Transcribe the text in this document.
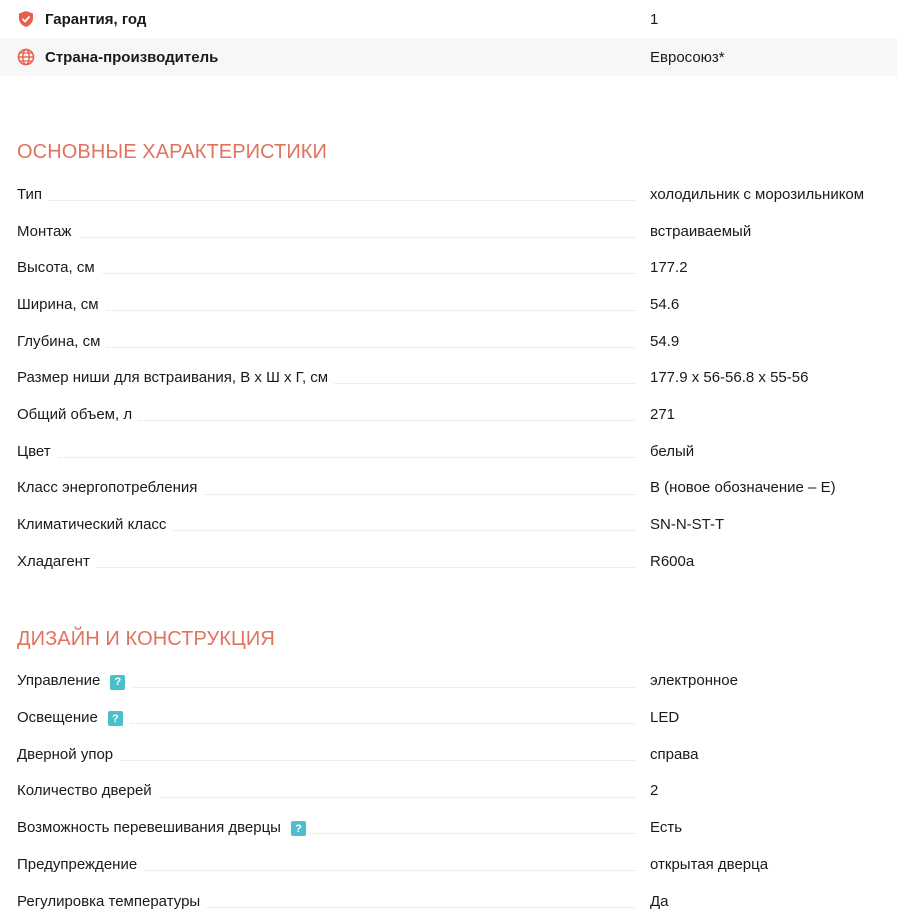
Гарантия, год	1
Страна-производитель	Евросоюз*
ОСНОВНЫЕ ХАРАКТЕРИСТИКИ
Тип	холодильник с морозильником
Монтаж	встраиваемый
Высота, см	177.2
Ширина, см	54.6
Глубина, см	54.9
Размер ниши для встраивания, В х Ш х Г, см	177.9 x 56-56.8 x 55-56
Общий объем, л	271
Цвет	белый
Класс энергопотребления	B (новое обозначение – E)
Климатический класс	SN-N-ST-T
Хладагент	R600a
ДИЗАЙН И КОНСТРУКЦИЯ
Управление ?	электронное
Освещение ?	LED
Дверной упор	справа
Количество дверей	2
Возможность перевешивания дверцы ?	Есть
Предупреждение	открытая дверца
Регулировка температуры	Да
